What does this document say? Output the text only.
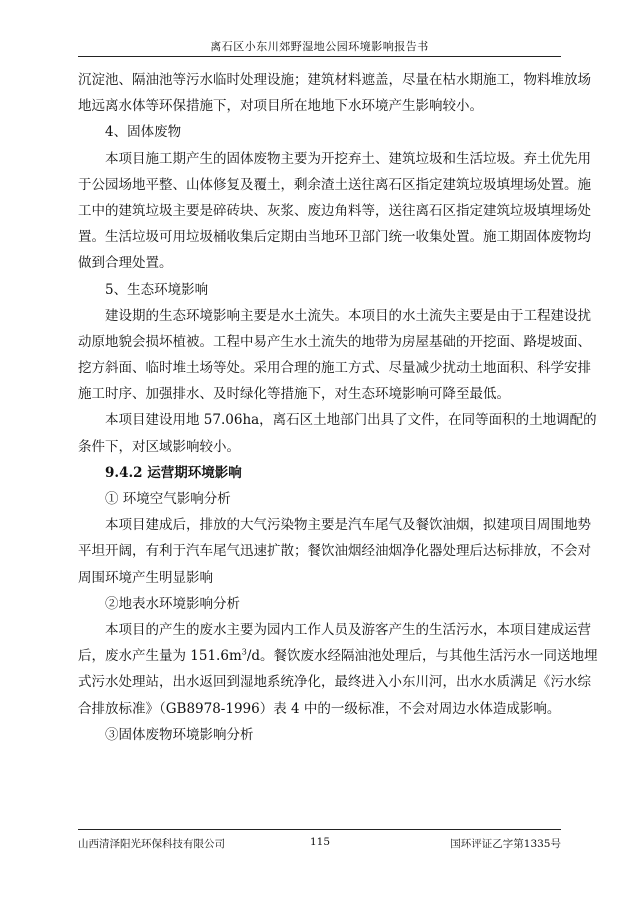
离石区小东川郊野湿地公园环境影响报告书
沉淀池、隔油池等污水临时处理设施；建筑材料遮盖，尽量在枯水期施工，物料堆放场
地远离水体等环保措施下，对项目所在地地下水环境产生影响较小。
4、固体废物
本项目施工期产生的固体废物主要为开挖弃土、建筑垃圾和生活垃圾。弃土优先用
于公园场地平整、山体修复及覆土，剩余渣土送往离石区指定建筑垃圾填埋场处置。施
工中的建筑垃圾主要是碎砖块、灰浆、废边角料等，送往离石区指定建筑垃圾填埋场处
置。生活垃圾可用垃圾桶收集后定期由当地环卫部门统一收集处置。施工期固体废物均
做到合理处置。
5、生态环境影响
建设期的生态环境影响主要是水土流失。本项目的水土流失主要是由于工程建设扰
动原地貌会损坏植被。工程中易产生水土流失的地带为房屋基础的开挖面、路堤坡面、
挖方斜面、临时堆土场等处。采用合理的施工方式、尽量减少扰动土地面积、科学安排
施工时序、加强排水、及时绿化等措施下，对生态环境影响可降至最低。
本项目建设用地 57.06ha，离石区土地部门出具了文件，在同等面积的土地调配的
条件下，对区域影响较小。
9.4.2 运营期环境影响
① 环境空气影响分析
本项目建成后，排放的大气污染物主要是汽车尾气及餐饮油烟，拟建项目周围地势
平坦开阔，有利于汽车尾气迅速扩散；餐饮油烟经油烟净化器处理后达标排放，不会对
周围环境产生明显影响
②地表水环境影响分析
本项目的产生的废水主要为园内工作人员及游客产生的生活污水，本项目建成运营
后，废水产生量为 $151.6m^3/d$。餐饮废水经隔油池处理后，与其他生活污水一同送地埋
式污水处理站，出水返回到湿地系统净化，最终进入小东川河，出水水质满足《污水综
合排放标准》（GB8978-1996）表 4 中的一级标准，不会对周边水体造成影响。
③固体废物环境影响分析
山西清泽阳光环保科技有限公司	115	国环评证乙字第1335号
